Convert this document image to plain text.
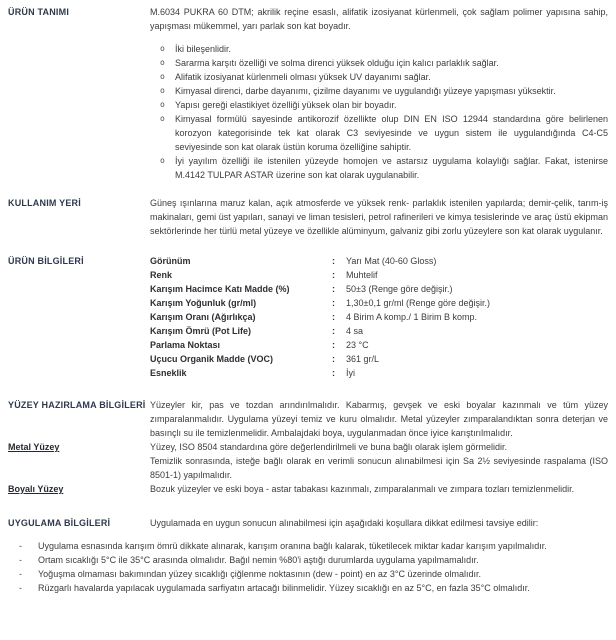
ÜRÜN TANIMI	M.6034 PUKRA 60 DTM; akrilik reçine esaslı, alifatik izosiyanat kürlenmeli, çok sağlam polimer yapısına sahip, yapışması mükemmel, yarı parlak son kat boyadır.

o	İki bileşenlidir.
o	Sararma karşıtı özelliği ve solma direnci yüksek olduğu için kalıcı parlaklık sağlar.
o	Alifatik izosiyanat kürlenmeli olması yüksek UV dayanımı sağlar.
o	Kimyasal direnci, darbe dayanımı, çizilme dayanımı ve uygulandığı yüzeye yapışması yüksektir.
o	Yapısı gereği elastikiyet özelliği yüksek olan bir boyadır.
o	Kimyasal formülü sayesinde antikorozif özellikte olup DIN EN ISO 12944 standardına göre belirlenen korozyon kategorisinde tek kat olarak C3 seviyesinde ve uygun sistem ile uygulandığında C4-C5 seviyesinde son kat olarak üstün koruma özelliğine sahiptir.
o	İyi yayılım özelliği ile istenilen yüzeyde homojen ve astarsız uygulama kolaylığı sağlar. Fakat, istenirse M.4142 TULPAR ASTAR üzerine son kat olarak uygulanabilir.
KULLANIM YERİ	Güneş ışınlarına maruz kalan, açık atmosferde ve yüksek renk- parlaklık istenilen yapılarda; demir-çelik, tarım-iş makinaları, gemi üst yapıları, sanayi ve liman tesisleri, petrol rafinerileri ve kimya tesislerinde ve araç üstü ekipman sektörlerinde her türlü metal yüzeye ve özellikle alüminyum, galvaniz gibi zorlu yüzeylere son kat olarak uygulanır.

ÜRÜN BİLGİLERİ	Görünüm	:	Yarı Mat (40-60 Gloss)
Renk	:	Muhtelif
Karışım Hacimce Katı Madde (%)	:	50±3 (Renge göre değişir.)
Karışım Yoğunluk (gr/ml)	:	1,30±0,1 gr/ml (Renge göre değişir.)
Karışım Oranı (Ağırlıkça)	:	4 Birim A komp./ 1 Birim B komp.
Karışım Ömrü (Pot Life)	:	4 sa
Parlama Noktası	:	23 °C
Uçucu Organik Madde (VOC)	:	361 gr/L
Esneklik	:	İyi
YÜZEY HAZIRLAMA BİLGİLERİ Yüzeyler kir, pas ve tozdan arındırılmalıdır. Kabarmış, gevşek ve eski boyalar kazınmalı ve tüm yüzey zımparalanmalıdır. Uygulama yüzeyi temiz ve kuru olmalıdır. Metal yüzeyler zımparalandıktan sonra deterjan ve basınçlı su ile temizlenmelidir. Ambalajdaki boya, uygulanmadan önce iyice karıştırılmalıdır.

Metal Yüzey	Yüzey, ISO 8504 standardına göre değerlendirilmeli ve buna bağlı olarak işlem görmelidir.

Temizlik sonrasında, isteğe bağlı olarak en verimli sonucun alınabilmesi için Sa 2½ seviyesinde raspalama (ISO 8501-1) yapılmalıdır.

Boyalı Yüzey	Bozuk yüzeyler ve eski boya - astar tabakası kazınmalı, zımparalanmalı ve zımpara tozları temizlenmelidir.

UYGULAMA BİLGİLERİ	Uygulamada en uygun sonucun alınabilmesi için aşağıdaki koşullara dikkat edilmesi tavsiye edilir:

-	Uygulama esnasında karışım ömrü dikkate alınarak, karışım oranına bağlı kalarak, tüketilecek miktar kadar karışım yapılmalıdır.
-	Ortam sıcaklığı 5°C ile 35°C arasında olmalıdır. Bağıl nemin %80'i aştığı durumlarda uygulama yapılmamalıdır.
-	Yoğuşma olmaması bakımından yüzey sıcaklığı çiğlenme noktasının (dew - point) en az 3°C üzerinde olmalıdır.
-	Rüzgarlı havalarda yapılacak uygulamada sarfiyatın artacağı bilinmelidir. Yüzey sıcaklığı en az 5°C, en fazla 35°C olmalıdır.
